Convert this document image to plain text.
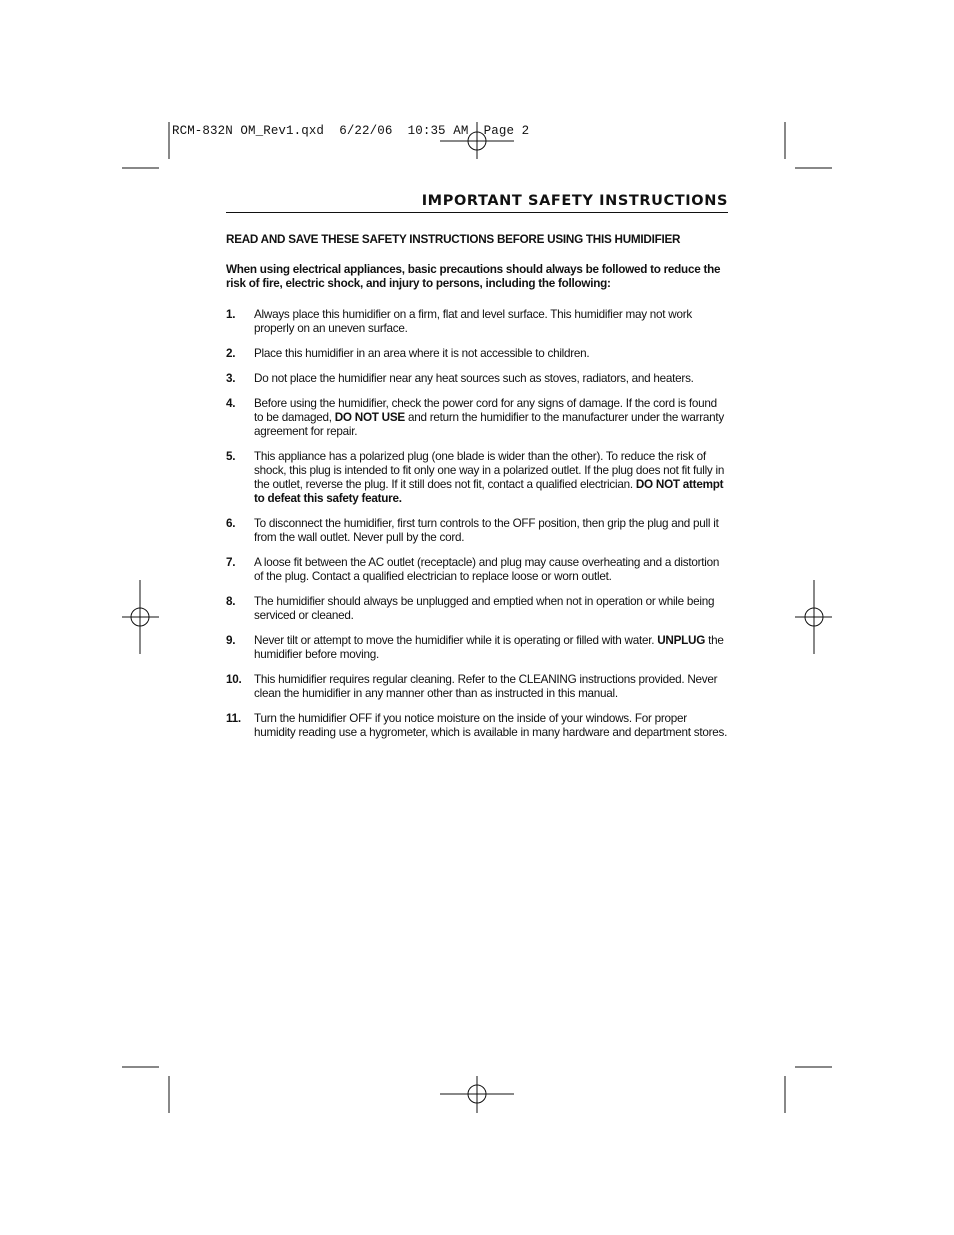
RCM-832N OM_Rev1.qxd  6/22/06  10:35 AM  Page 2
IMPORTANT SAFETY INSTRUCTIONS

READ AND SAVE THESE SAFETY INSTRUCTIONS BEFORE USING THIS HUMIDIFIER

When using electrical appliances, basic precautions should always be followed to reduce the risk of fire, electric shock, and injury to persons, including the following:

1.	Always place this humidifier on a firm, flat and level surface. This humidifier may not work properly on an uneven surface.
2.	Place this humidifier in an area where it is not accessible to children.
3.	Do not place the humidifier near any heat sources such as stoves, radiators, and heaters.
4.	Before using the humidifier, check the power cord for any signs of damage. If the cord is found to be damaged, DO NOT USE and return the humidifier to the manufacturer under the warranty agreement for repair.
5.	This appliance has a polarized plug (one blade is wider than the other). To reduce the risk of shock, this plug is intended to fit only one way in a polarized outlet. If the plug does not fit fully in the outlet, reverse the plug. If it still does not fit, contact a qualified electrician. DO NOT attempt to defeat this safety feature.
6.	To disconnect the humidifier, first turn controls to the OFF position, then grip the plug and pull it from the wall outlet. Never pull by the cord.
7.	A loose fit between the AC outlet (receptacle) and plug may cause overheating and a distortion of the plug. Contact a qualified electrician to replace loose or worn outlet.
8.	The humidifier should always be unplugged and emptied when not in operation or while being serviced or cleaned.
9.	Never tilt or attempt to move the humidifier while it is operating or filled with water. UNPLUG the humidifier before moving.
10.	This humidifier requires regular cleaning. Refer to the CLEANING instructions provided. Never clean the humidifier in any manner other than as instructed in this manual.
11.	Turn the humidifier OFF if you notice moisture on the inside of your windows. For proper humidity reading use a hygrometer, which is available in many hardware and department stores.
